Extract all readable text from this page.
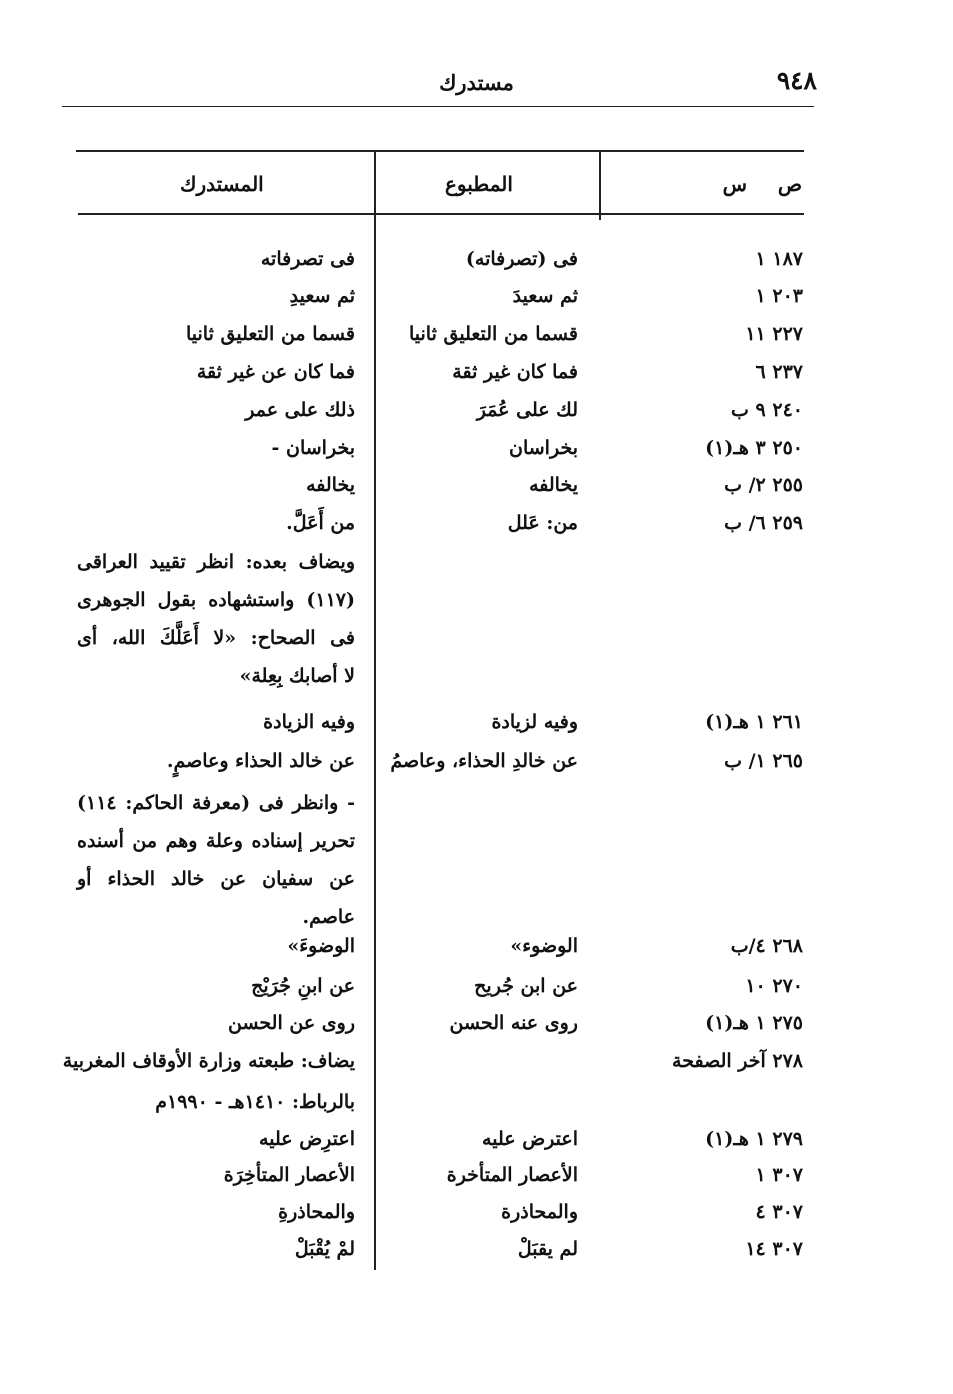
٩٤٨
مستدرك
ص
س
المطبوع
المستدرك
١٨٧ ١
فى (تصرفاته)
فى تصرفاته
٢٠٣ ١
ثم سعيدَ
ثم سعيدِ
٢٢٧ ١١
قسما من التعليق ثانيا
قسما من التعليق ثانيا
٢٣٧ ٦
فما كان غير ثقة
فما كان عن غير ثقة
٢٤٠ ٩ ب
لك على عُمَرَ
ذلك على عمر
٢٥٠ ٣ هـ(١)
بخراسان
بخراسان -
٢٥٥ ٢/ ب
يخالفه
يخالفه
٢٥٩ ٦/ ب
من: عَلل
من أَعَلَّ.
ويضاف بعده: انظر تقييد العراقى
(١١٧) واستشهاده بقول الجوهرى
فى الصحاح: «لا أَعَلَّكَ الله، أى
لا أصابك بِعِلة»
٢٦١ ١ هـ(١)
وفيه لزيادة
وفيه الزيادة
٢٦٥ ١/ ب
عن خالدِ الحذاء، وعاصمُ
عن خالد الحذاء وعاصمٍ.
- وانظر فى (معرفة الحاكم: ١١٤)
تحرير إسناده وعلة وهم من أسنده
عن سفيان عن خالد الحذاء أو
عاصم.
٢٦٨ ٤/ب
الوضوء»
الوضوءَ»
٢٧٠ ١٠
عن ابن جُريح
عن ابنِ جُرَيْج
٢٧٥ ١ هـ(١)
روى عنه الحسن
روى عن الحسن
٢٧٨ آخر الصفحة
يضاف: طبعته وزارة الأوقاف المغربية
بالرباط: ١٤١٠هـ - ١٩٩٠م
٢٧٩ ١ هـ(١)
اعترض عليه
اعترِض عليه
٣٠٧ ١
الأعصار المتأخرة
الأعصار المتأخِرَة
٣٠٧ ٤
والمحاذرة
والمحاذرةِ
٣٠٧ ١٤
لم يقبَلْ
لمْ يُقْبَلْ
